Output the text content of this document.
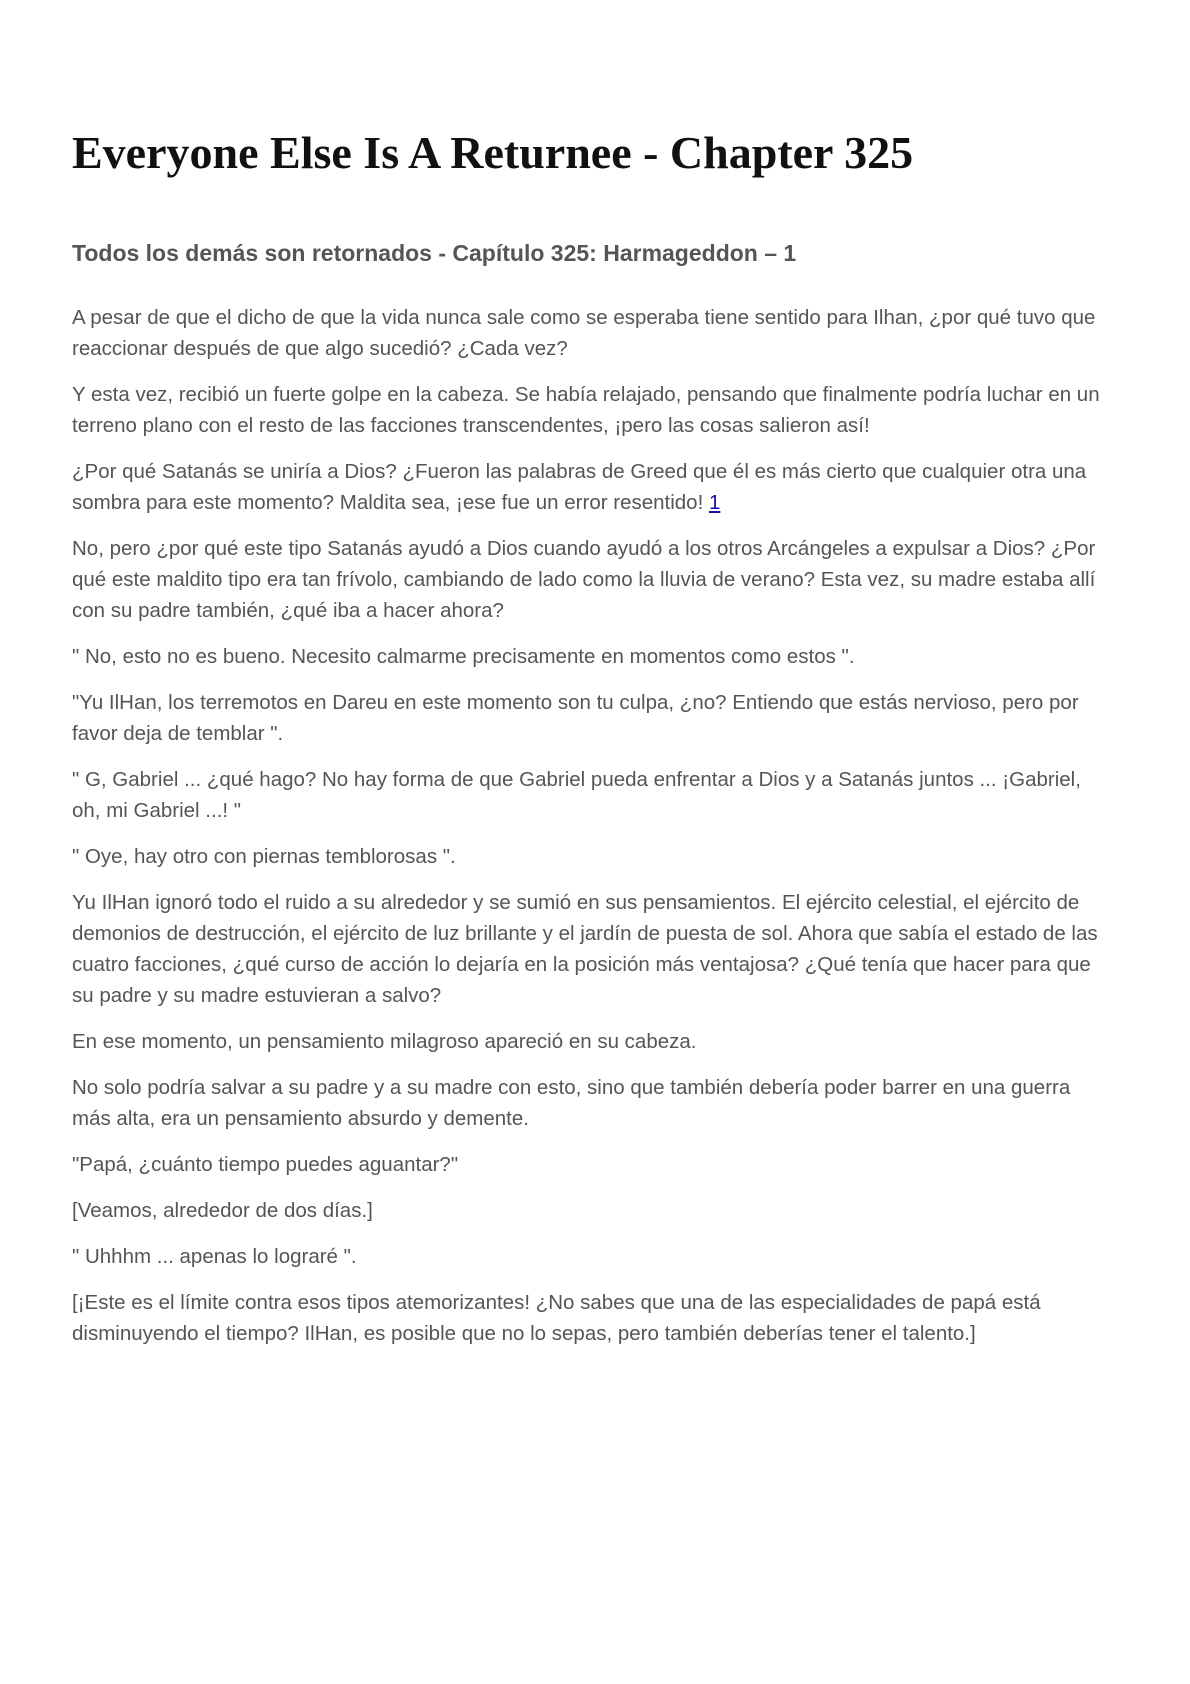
Everyone Else Is A Returnee - Chapter 325
Todos los demás son retornados - Capítulo 325: Harmageddon – 1

A pesar de que el dicho de que la vida nunca sale como se esperaba tiene sentido para Ilhan, ¿por qué tuvo que reaccionar después de que algo sucedió? ¿Cada vez?

Y esta vez, recibió un fuerte golpe en la cabeza. Se había relajado, pensando que finalmente podría luchar en un terreno plano con el resto de las facciones transcendentes, ¡pero las cosas salieron así!

¿Por qué Satanás se uniría a Dios? ¿Fueron las palabras de Greed que él es más cierto que cualquier otra una sombra para este momento? Maldita sea, ¡ese fue un error resentido! 1

No, pero ¿por qué este tipo Satanás ayudó a Dios cuando ayudó a los otros Arcángeles a expulsar a Dios? ¿Por qué este maldito tipo era tan frívolo, cambiando de lado como la lluvia de verano? Esta vez, su madre estaba allí con su padre también, ¿qué iba a hacer ahora?

" No, esto no es bueno. Necesito calmarme precisamente en momentos como estos ".

"Yu IlHan, los terremotos en Dareu en este momento son tu culpa, ¿no? Entiendo que estás nervioso, pero por favor deja de temblar ".

" G, Gabriel ... ¿qué hago? No hay forma de que Gabriel pueda enfrentar a Dios y a Satanás juntos ... ¡Gabriel, oh, mi Gabriel ...! "

" Oye, hay otro con piernas temblorosas ".

Yu IlHan ignoró todo el ruido a su alrededor y se sumió en sus pensamientos. El ejército celestial, el ejército de demonios de destrucción, el ejército de luz brillante y el jardín de puesta de sol. Ahora que sabía el estado de las cuatro facciones, ¿qué curso de acción lo dejaría en la posición más ventajosa? ¿Qué tenía que hacer para que su padre y su madre estuvieran a salvo?

En ese momento, un pensamiento milagroso apareció en su cabeza.

No solo podría salvar a su padre y a su madre con esto, sino que también debería poder barrer en una guerra más alta, era un pensamiento absurdo y demente.

"Papá, ¿cuánto tiempo puedes aguantar?"

[Veamos, alrededor de dos días.]

" Uhhhm ... apenas lo lograré ".

[¡Este es el límite contra esos tipos atemorizantes! ¿No sabes que una de las especialidades de papá está disminuyendo el tiempo? IlHan, es posible que no lo sepas, pero también deberías tener el talento.]
